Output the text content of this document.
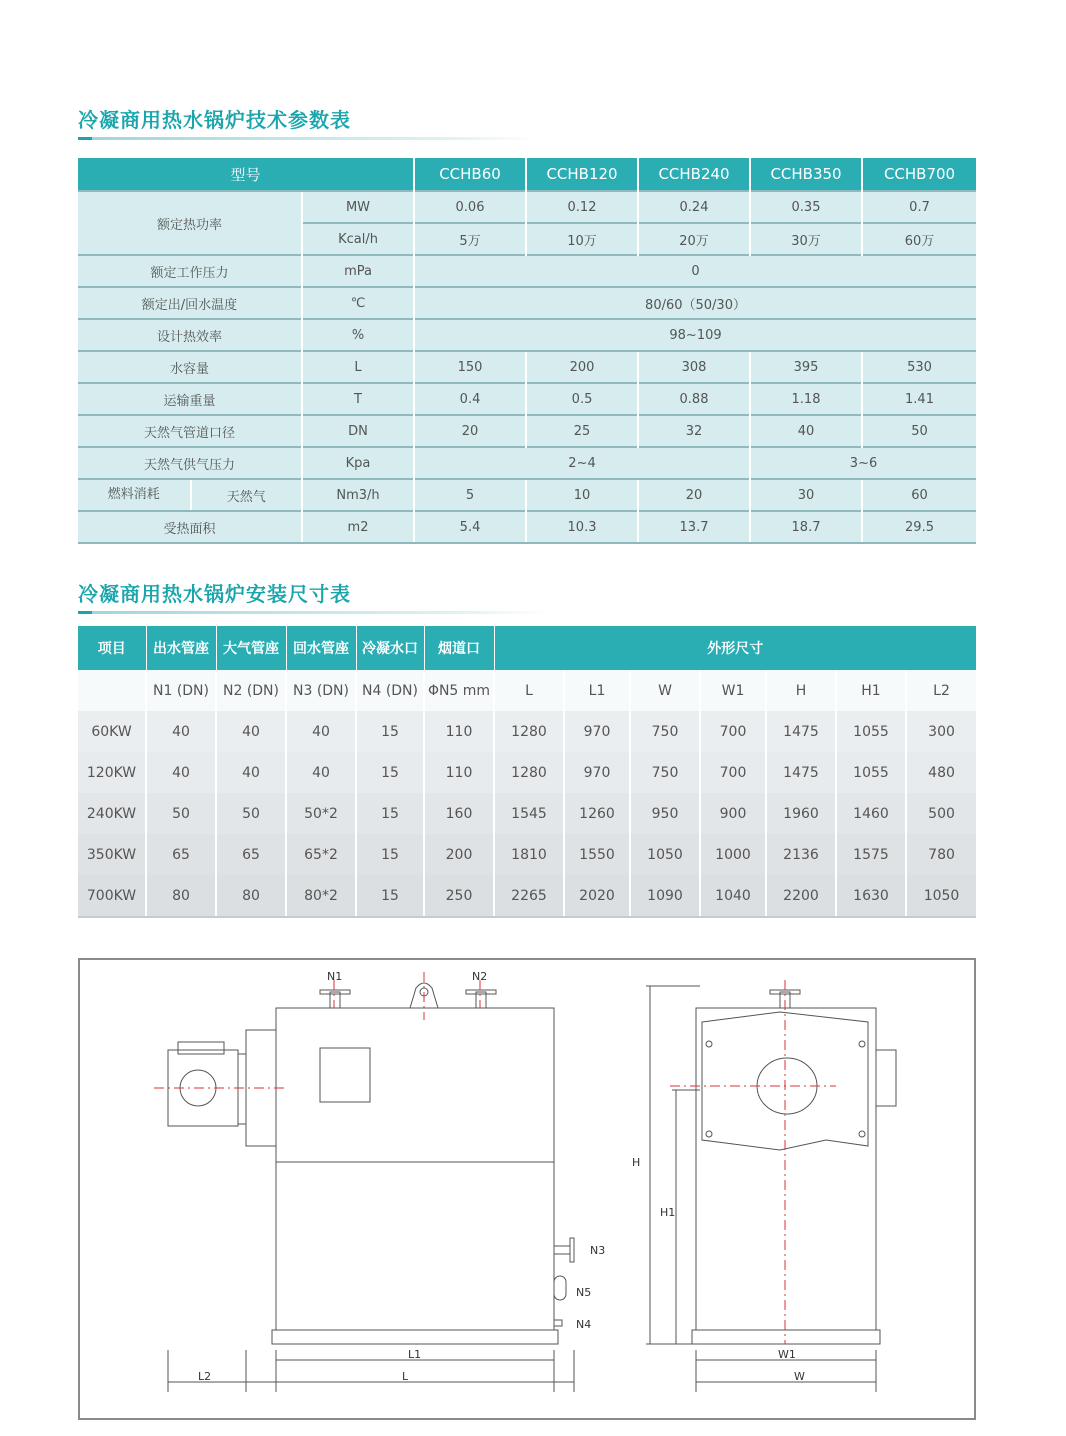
冷凝商用热水锅炉技术参数表
型号		CCHB60	CCHB120	CCHB240	CCHB350	CCHB700
额定热功率	MW	0.06	0.12	0.24	0.35	0.7
	Kcal/h	5万	10万	20万	30万	60万
额定工作压力	mPa	0				
额定出/回水温度	℃	80/60（50/30）				
设计热效率	%	98~109				
水容量	L	150	200	308	395	530
运输重量	T	0.4	0.5	0.88	1.18	1.41
天然气管道口径	DN	20	25	32	40	50
天然气供气压力	Kpa	2~4			3~6	

燃料消耗 天然气	Nm3/h	5	10	20	30	60
受热面积	m2	5.4	10.3	13.7	18.7	29.5
冷凝商用热水锅炉安装尺寸表
项目	出水管座	大气管座	回水管座	冷凝水口	烟道口	外形尺寸						
	N1 (DN)	N2 (DN)	N3 (DN)	N4 (DN)	ΦN5 mm	L	L1	W	W1	H	H1	L2
60KW	40	40	40	15	110	1280	970	750	700	1475	1055	300
120KW	40	40	40	15	110	1280	970	750	700	1475	1055	480
240KW	50	50	50*2	15	160	1545	1260	950	900	1960	1460	500
350KW	65	65	65*2	15	200	1810	1550	1050	1000	2136	1575	780
700KW	80	80	80*2	15	250	2265	2020	1090	1040	2200	1630	1050
N1	N2
N3
N5
N4
L1
L
L2
W1
W
H
H1
